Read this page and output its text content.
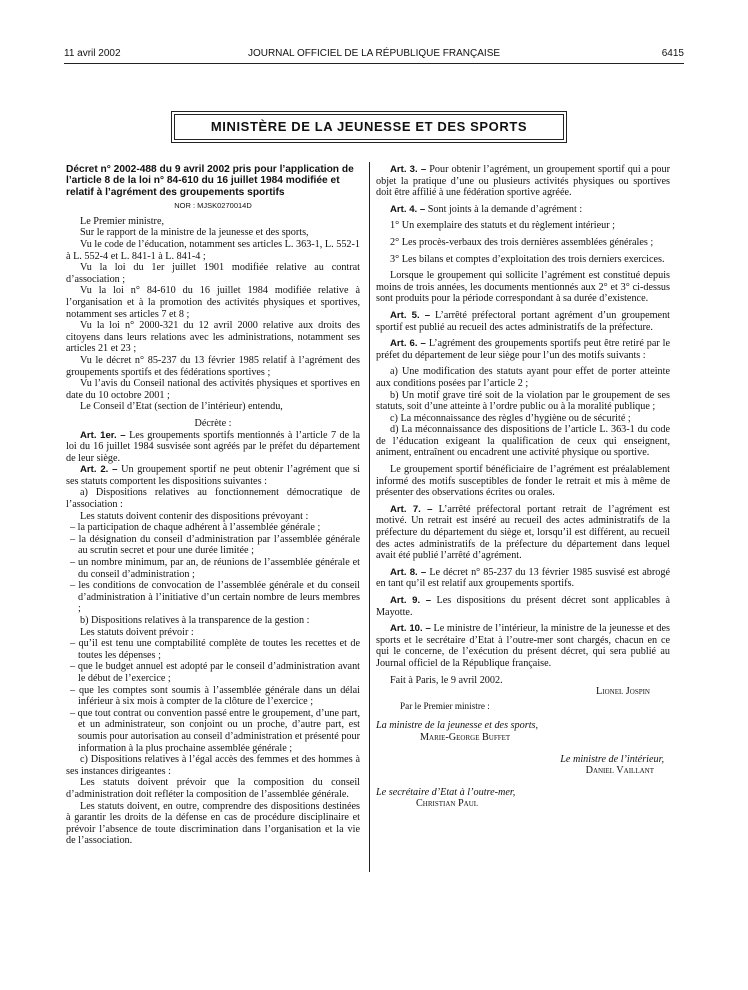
11 avril 2002	JOURNAL OFFICIEL DE LA RÉPUBLIQUE FRANÇAISE	6415
MINISTÈRE DE LA JEUNESSE ET DES SPORTS

Décret n° 2002-488 du 9 avril 2002 pris pour l’application de l’article 8 de la loi n° 84-610 du 16 juillet 1984 modifiée et relatif à l’agrément des groupements sportifs

NOR : MJSK0270014D

Le Premier ministre,

Sur le rapport de la ministre de la jeunesse et des sports,

Vu le code de l’éducation, notamment ses articles L. 363-1, L. 552-1 à L. 552-4 et L. 841-1 à L. 841-4 ;

Vu la loi du 1er juillet 1901 modifiée relative au contrat d’association ;

Vu la loi n° 84-610 du 16 juillet 1984 modifiée relative à l’organisation et à la promotion des activités physiques et sportives, notamment ses articles 7 et 8 ;

Vu la loi n° 2000-321 du 12 avril 2000 relative aux droits des citoyens dans leurs relations avec les administrations, notamment ses articles 21 et 23 ;

Vu le décret n° 85-237 du 13 février 1985 relatif à l’agrément des groupements sportifs et des fédérations sportives ;

Vu l’avis du Conseil national des activités physiques et sportives en date du 10 octobre 2001 ;

Le Conseil d’Etat (section de l’intérieur) entendu,

Décrète :

Art. 1er. – Les groupements sportifs mentionnés à l’article 7 de la loi du 16 juillet 1984 susvisée sont agréés par le préfet du département de leur siège.

Art. 2. – Un groupement sportif ne peut obtenir l’agrément que si ses statuts comportent les dispositions suivantes :

a) Dispositions relatives au fonctionnement démocratique de l’association :

Les statuts doivent contenir des dispositions prévoyant :

– la participation de chaque adhérent à l’assemblée générale ;

– la désignation du conseil d’administration par l’assemblée générale au scrutin secret et pour une durée limitée ;

– un nombre minimum, par an, de réunions de l’assemblée générale et du conseil d’administration ;

– les conditions de convocation de l’assemblée générale et du conseil d’administration à l’initiative d’un certain nombre de leurs membres ;

b) Dispositions relatives à la transparence de la gestion :

Les statuts doivent prévoir :

– qu’il est tenu une comptabilité complète de toutes les recettes et de toutes les dépenses ;

– que le budget annuel est adopté par le conseil d’administration avant le début de l’exercice ;

– que les comptes sont soumis à l’assemblée générale dans un délai inférieur à six mois à compter de la clôture de l’exercice ;

– que tout contrat ou convention passé entre le groupement, d’une part, et un administrateur, son conjoint ou un proche, d’autre part, est soumis pour autorisation au conseil d’administration et présenté pour information à la plus prochaine assemblée générale ;

c) Dispositions relatives à l’égal accès des femmes et des hommes à ses instances dirigeantes :

Les statuts doivent prévoir que la composition du conseil d’administration doit refléter la composition de l’assemblée générale.

Les statuts doivent, en outre, comprendre des dispositions destinées à garantir les droits de la défense en cas de procédure disciplinaire et prévoir l’absence de toute discrimination dans l’organisation et la vie de l’association.

Art. 3. – Pour obtenir l’agrément, un groupement sportif qui a pour objet la pratique d’une ou plusieurs activités physiques ou sportives doit être affilié à une fédération sportive agréée.

Art. 4. – Sont joints à la demande d’agrément :

1° Un exemplaire des statuts et du règlement intérieur ;

2° Les procès-verbaux des trois dernières assemblées générales ;

3° Les bilans et comptes d’exploitation des trois derniers exercices.

Lorsque le groupement qui sollicite l’agrément est constitué depuis moins de trois années, les documents mentionnés aux 2° et 3° ci-dessus sont produits pour la période correspondant à sa durée d’existence.

Art. 5. – L’arrêté préfectoral portant agrément d’un groupement sportif est publié au recueil des actes administratifs de la préfecture.

Art. 6. – L’agrément des groupements sportifs peut être retiré par le préfet du département de leur siège pour l’un des motifs suivants :

a) Une modification des statuts ayant pour effet de porter atteinte aux conditions posées par l’article 2 ;

b) Un motif grave tiré soit de la violation par le groupement de ses statuts, soit d’une atteinte à l’ordre public ou à la moralité publique ;

c) La méconnaissance des règles d’hygiène ou de sécurité ;

d) La méconnaissance des dispositions de l’article L. 363-1 du code de l’éducation exigeant la qualification de ceux qui enseignent, animent, entraînent ou encadrent une activité physique ou sportive.

Le groupement sportif bénéficiaire de l’agrément est préalablement informé des motifs susceptibles de fonder le retrait et mis à même de présenter des observations écrites ou orales.

Art. 7. – L’arrêté préfectoral portant retrait de l’agrément est motivé. Un retrait est inséré au recueil des actes administratifs de la préfecture du département du siège et, lorsqu’il est différent, au recueil des actes administratifs de la préfecture du département dans lequel avait été publié l’arrêté d’agrément.

Art. 8. – Le décret n° 85-237 du 13 février 1985 susvisé est abrogé en tant qu’il est relatif aux groupements sportifs.

Art. 9. – Les dispositions du présent décret sont applicables à Mayotte.

Art. 10. – Le ministre de l’intérieur, la ministre de la jeunesse et des sports et le secrétaire d’Etat à l’outre-mer sont chargés, chacun en ce qui le concerne, de l’exécution du présent décret, qui sera publié au Journal officiel de la République française.

Fait à Paris, le 9 avril 2002.

Lionel Jospin

Par le Premier ministre :

La ministre de la jeunesse et des sports,

Marie-George Buffet

Le ministre de l’intérieur,

Daniel Vaillant

Le secrétaire d’Etat à l’outre-mer,

Christian Paul
